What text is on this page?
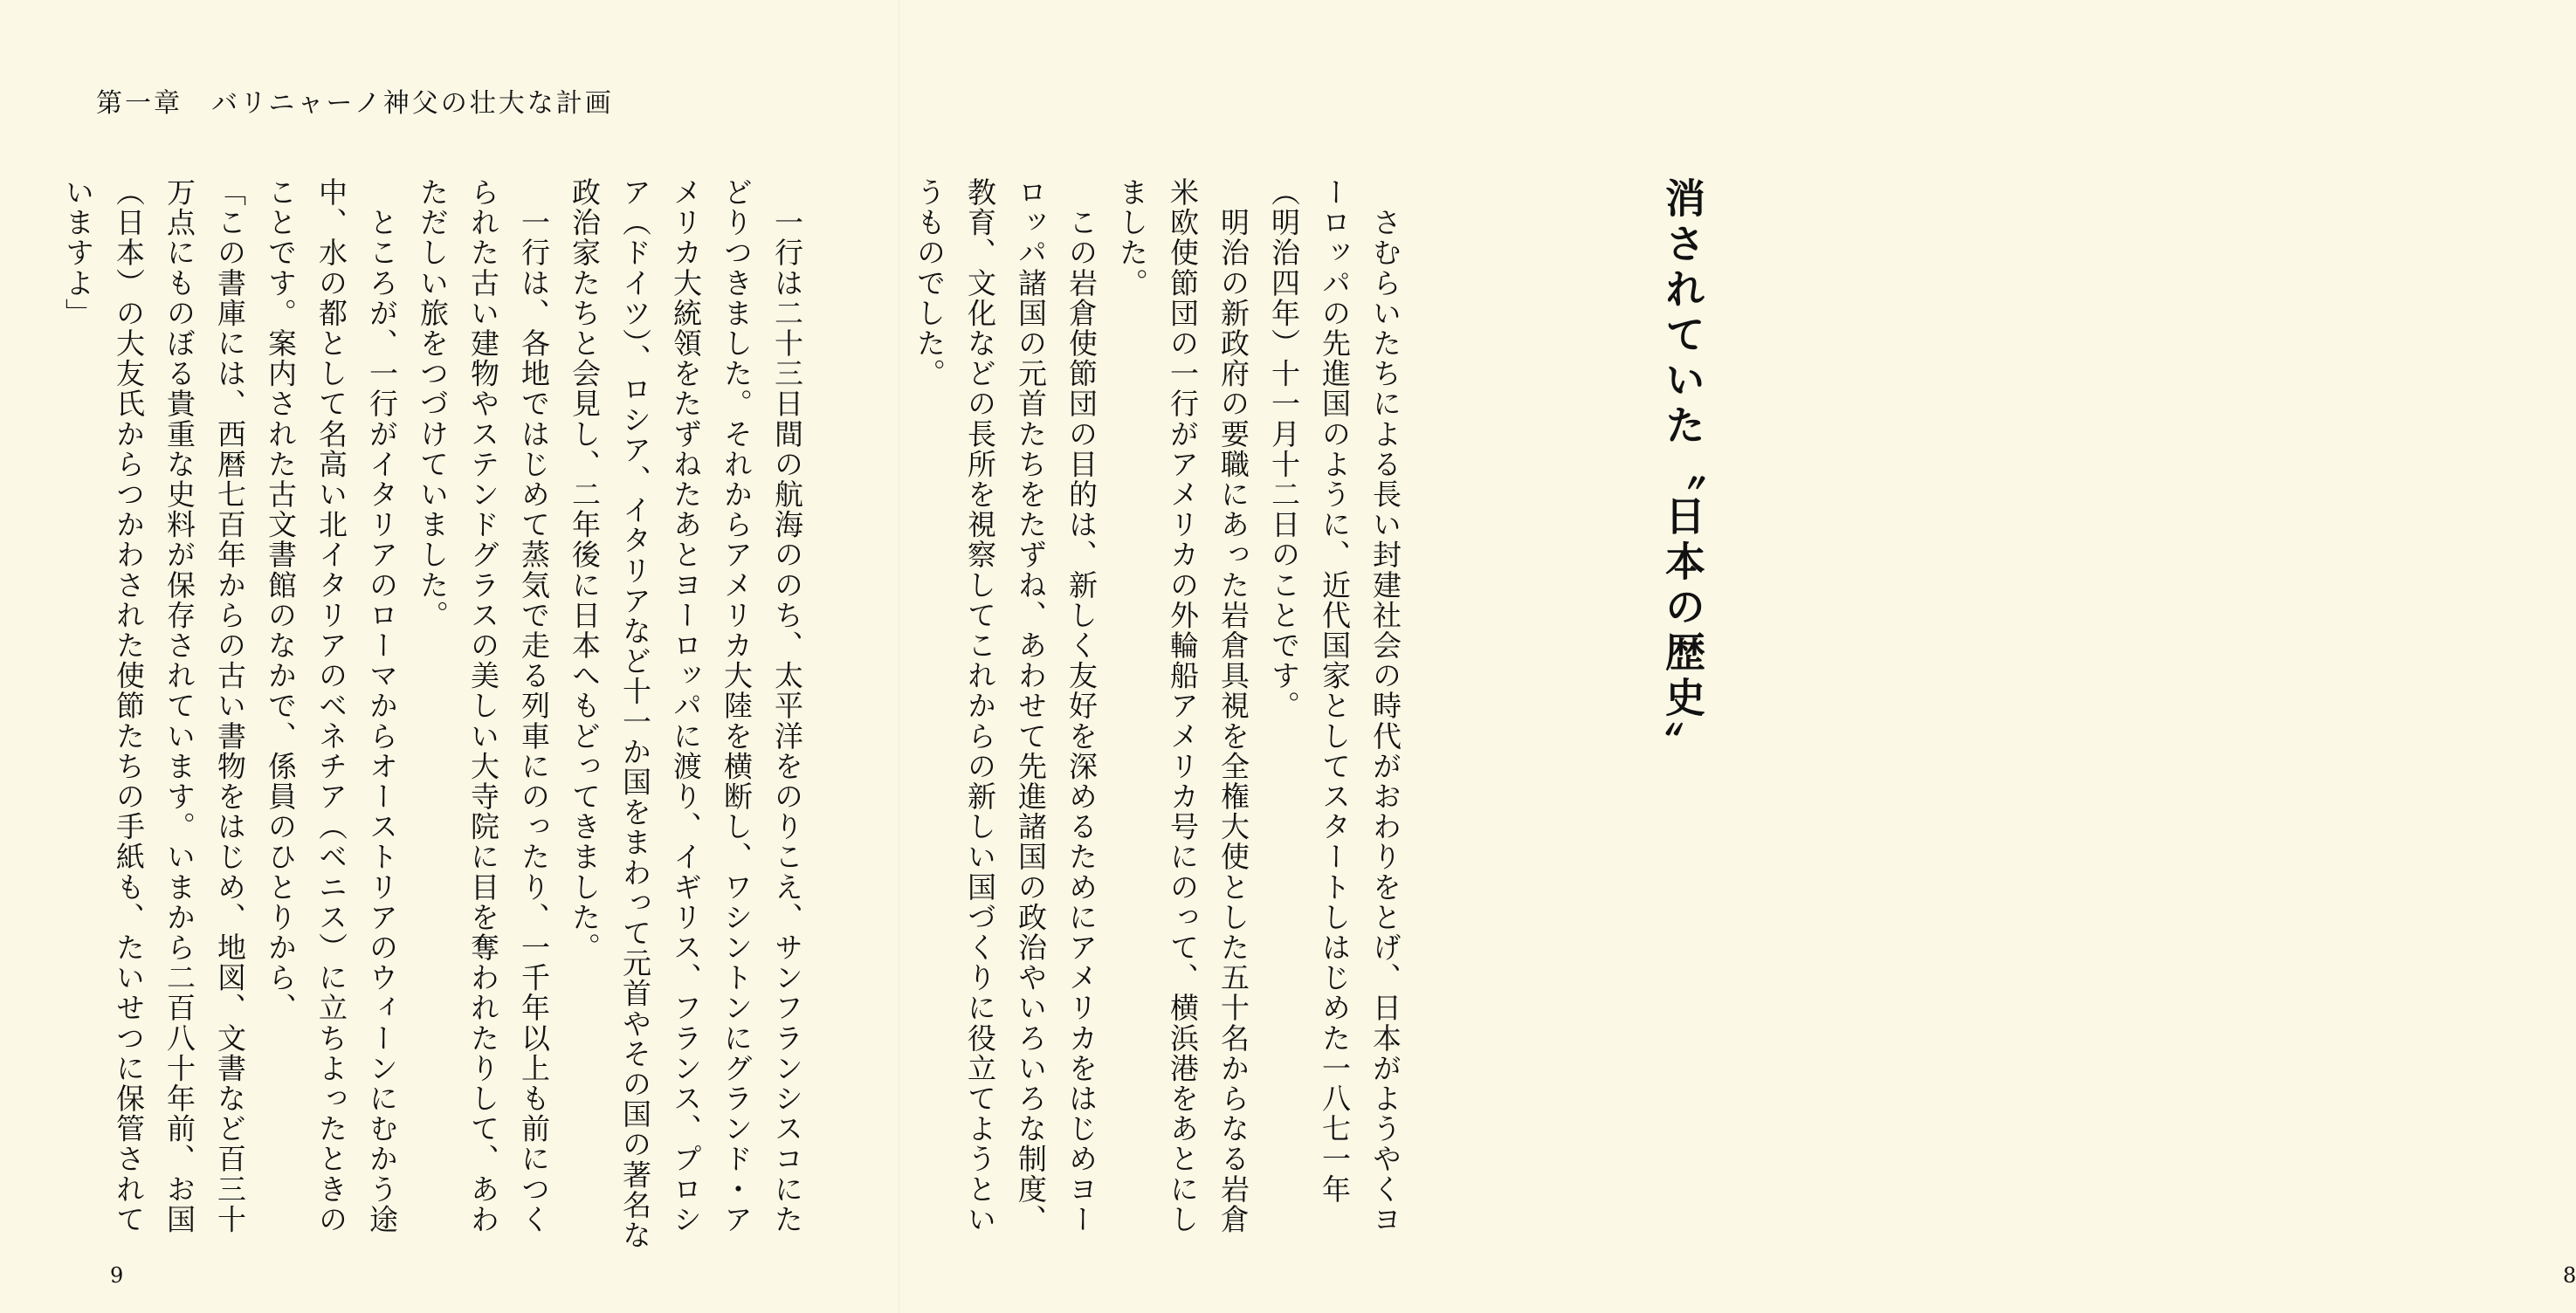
第一章　バリニャーノ神父の壮大な計画
　一行は二十三日間の航海ののち、太平洋をのりこえ、サンフランシスコにたどりつきました。それからアメリカ大陸を横断し、ワシントンにグランド・アメリカ大統領をたずねたあとヨーロッパに渡り、イギリス、フランス、プロシア（ドイツ）、ロシア、イタリアなど十一か国をまわって元首やその国の著名な政治家たちと会見し、二年後に日本へもどってきました。
　一行は、各地ではじめて蒸気で走る列車にのったり、一千年以上も前につくられた古い建物やステンドグラスの美しい大寺院に目を奪われたりして、あわただしい旅をつづけていました。
　ところが、一行がイタリアのローマからオーストリアのウィーンにむかう途中、水の都として名高い北イタリアのベネチア（ベニス）に立ちよったときのことです。案内された古文書館のなかで、係員のひとりから、
「この書庫には、西暦七百年からの古い書物をはじめ、地図、文書など百三十万点にものぼる貴重な史料が保存されています。いまから二百八十年前、お国（日本）の大友氏からつかわされた使節たちの手紙も、たいせつに保管されていますよ」
9
消されていた〝日本の歴史〟
　さむらいたちによる長い封建社会の時代がおわりをとげ、日本がようやくヨーロッパの先進国のように、近代国家としてスタートしはじめた一八七一年（明治四年）十一月十二日のことです。
　明治の新政府の要職にあった岩倉具視を全権大使とした五十名からなる岩倉米欧使節団の一行がアメリカの外輪船アメリカ号にのって、横浜港をあとにしました。
　この岩倉使節団の目的は、新しく友好を深めるためにアメリカをはじめヨーロッパ諸国の元首たちをたずね、あわせて先進諸国の政治やいろいろな制度、教育、文化などの長所を視察してこれからの新しい国づくりに役立てようというものでした。
8
